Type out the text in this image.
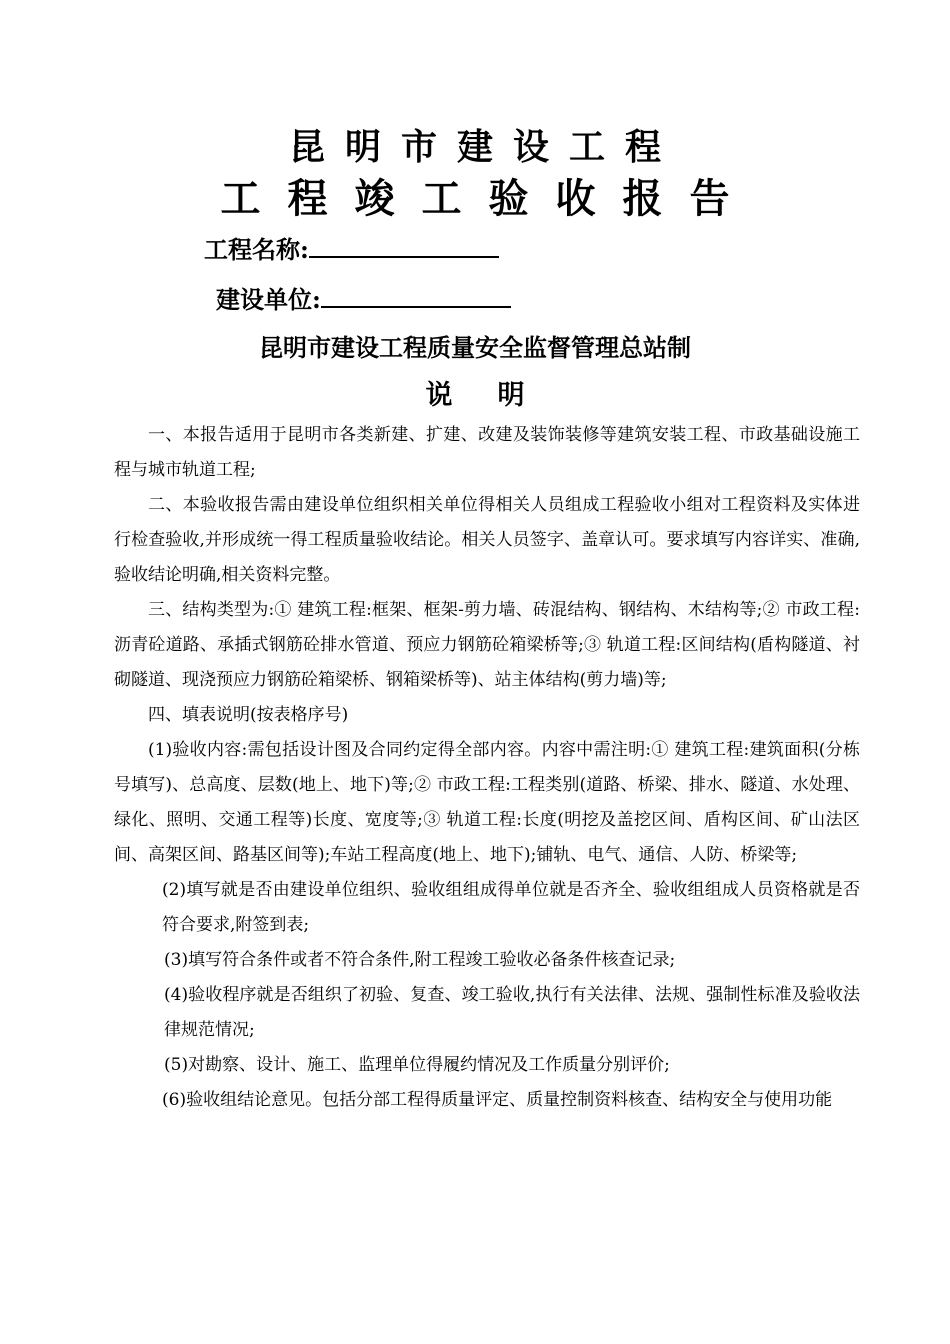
昆明市建设工程
工程竣工验收报告
工程名称:
建设单位:
昆明市建设工程质量安全监督管理总站制
说明

一、本报告适用于昆明市各类新建、扩建、改建及装饰装修等建筑安装工程、市政基础设施工程与城市轨道工程;

二、本验收报告需由建设单位组织相关单位得相关人员组成工程验收小组对工程资料及实体进行检查验收,并形成统一得工程质量验收结论。相关人员签字、盖章认可。要求填写内容详实、准确,验收结论明确,相关资料完整。

三、结构类型为:① 建筑工程:框架、框架-剪力墙、砖混结构、钢结构、木结构等;② 市政工程:沥青砼道路、承插式钢筋砼排水管道、预应力钢筋砼箱梁桥等;③ 轨道工程:区间结构(盾构隧道、衬砌隧道、现浇预应力钢筋砼箱梁桥、钢箱梁桥等)、站主体结构(剪力墙)等;

四、填表说明(按表格序号)

(1)验收内容:需包括设计图及合同约定得全部内容。内容中需注明:① 建筑工程:建筑面积(分栋号填写)、总高度、层数(地上、地下)等;② 市政工程:工程类别(道路、桥梁、排水、隧道、水处理、绿化、照明、交通工程等)长度、宽度等;③ 轨道工程:长度(明挖及盖挖区间、盾构区间、矿山法区间、高架区间、路基区间等);车站工程高度(地上、地下);铺轨、电气、通信、人防、桥梁等;

(2)填写就是否由建设单位组织、验收组组成得单位就是否齐全、验收组组成人员资格就是否符合要求,附签到表;

(3)填写符合条件或者不符合条件,附工程竣工验收必备条件核查记录;

(4)验收程序就是否组织了初验、复查、竣工验收,执行有关法律、法规、强制性标准及验收法律规范情况;

(5)对勘察、设计、施工、监理单位得履约情况及工作质量分别评价;

(6)验收组结论意见。包括分部工程得质量评定、质量控制资料核查、结构安全与使用功能
